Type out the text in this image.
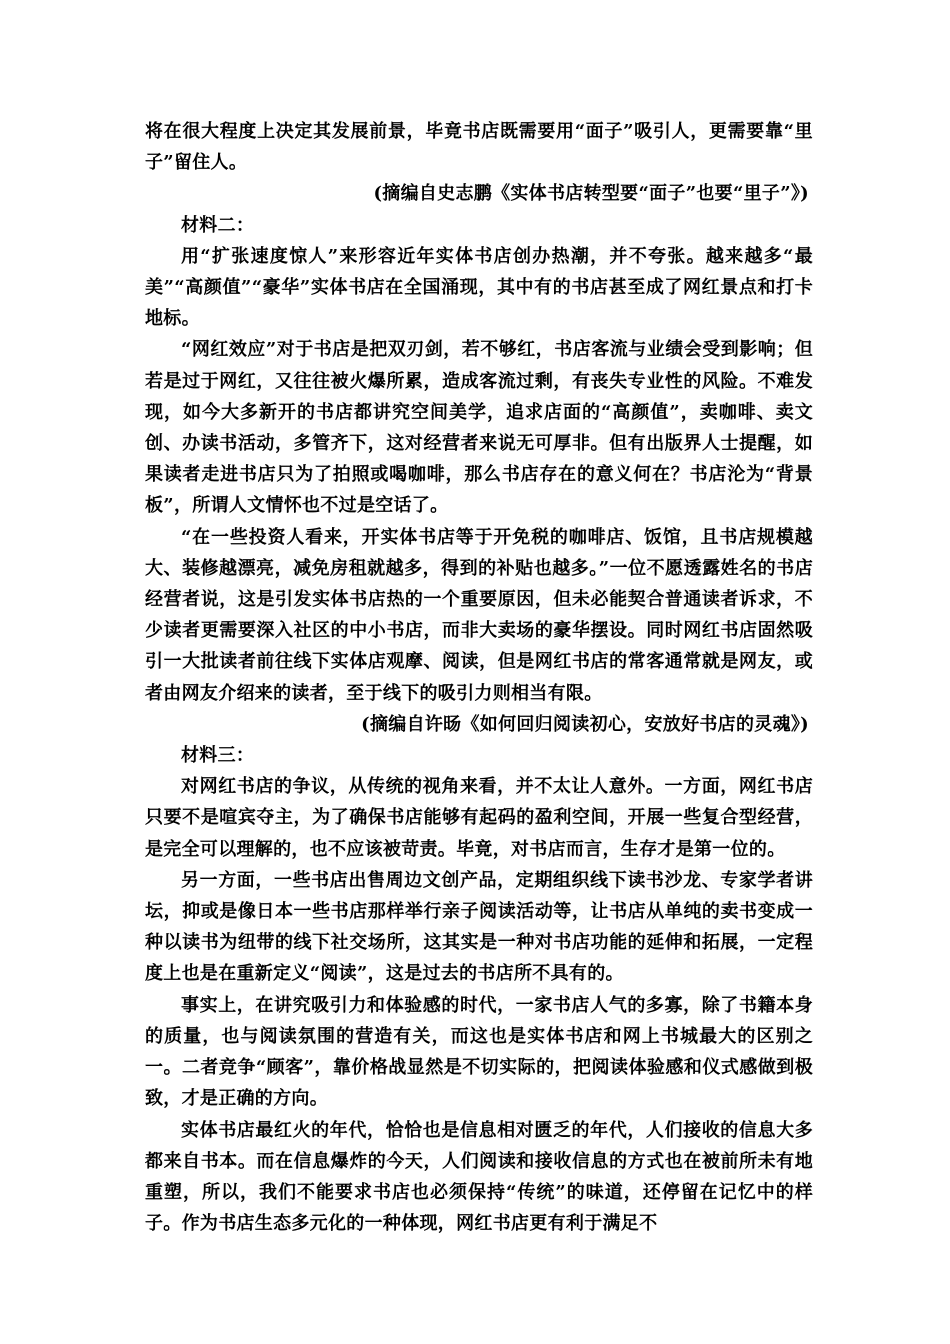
将在很大程度上决定其发展前景，毕竟书店既需要用“面子”吸引人，更需要靠“里子”留住人。

(摘编自史志鹏《实体书店转型要“面子”也要“里子”》)

材料二：

用“扩张速度惊人”来形容近年实体书店创办热潮，并不夸张。越来越多“最美”“高颜值”“豪华”实体书店在全国涌现，其中有的书店甚至成了网红景点和打卡地标。

“网红效应”对于书店是把双刃剑，若不够红，书店客流与业绩会受到影响；但若是过于网红，又往往被火爆所累，造成客流过剩，有丧失专业性的风险。不难发现，如今大多新开的书店都讲究空间美学，追求店面的“高颜值”，卖咖啡、卖文创、办读书活动，多管齐下，这对经营者来说无可厚非。但有出版界人士提醒，如果读者走进书店只为了拍照或喝咖啡，那么书店存在的意义何在？书店沦为“背景板”，所谓人文情怀也不过是空话了。

“在一些投资人看来，开实体书店等于开免税的咖啡店、饭馆，且书店规模越大、装修越漂亮，减免房租就越多，得到的补贴也越多。”一位不愿透露姓名的书店经营者说，这是引发实体书店热的一个重要原因，但未必能契合普通读者诉求，不少读者更需要深入社区的中小书店，而非大卖场的豪华摆设。同时网红书店固然吸引一大批读者前往线下实体店观摩、阅读，但是网红书店的常客通常就是网友，或者由网友介绍来的读者，至于线下的吸引力则相当有限。

(摘编自许旸《如何回归阅读初心，安放好书店的灵魂》)

材料三：

对网红书店的争议，从传统的视角来看，并不太让人意外。一方面，网红书店只要不是喧宾夺主，为了确保书店能够有起码的盈利空间，开展一些复合型经营，是完全可以理解的，也不应该被苛责。毕竟，对书店而言，生存才是第一位的。

另一方面，一些书店出售周边文创产品，定期组织线下读书沙龙、专家学者讲坛，抑或是像日本一些书店那样举行亲子阅读活动等，让书店从单纯的卖书变成一种以读书为纽带的线下社交场所，这其实是一种对书店功能的延伸和拓展，一定程度上也是在重新定义“阅读”，这是过去的书店所不具有的。

事实上，在讲究吸引力和体验感的时代，一家书店人气的多寡，除了书籍本身的质量，也与阅读氛围的营造有关，而这也是实体书店和网上书城最大的区别之一。二者竞争“顾客”，靠价格战显然是不切实际的，把阅读体验感和仪式感做到极致，才是正确的方向。

实体书店最红火的年代，恰恰也是信息相对匮乏的年代，人们接收的信息大多都来自书本。而在信息爆炸的今天，人们阅读和接收信息的方式也在被前所未有地重塑，所以，我们不能要求书店也必须保持“传统”的味道，还停留在记忆中的样子。作为书店生态多元化的一种体现，网红书店更有利于满足不
